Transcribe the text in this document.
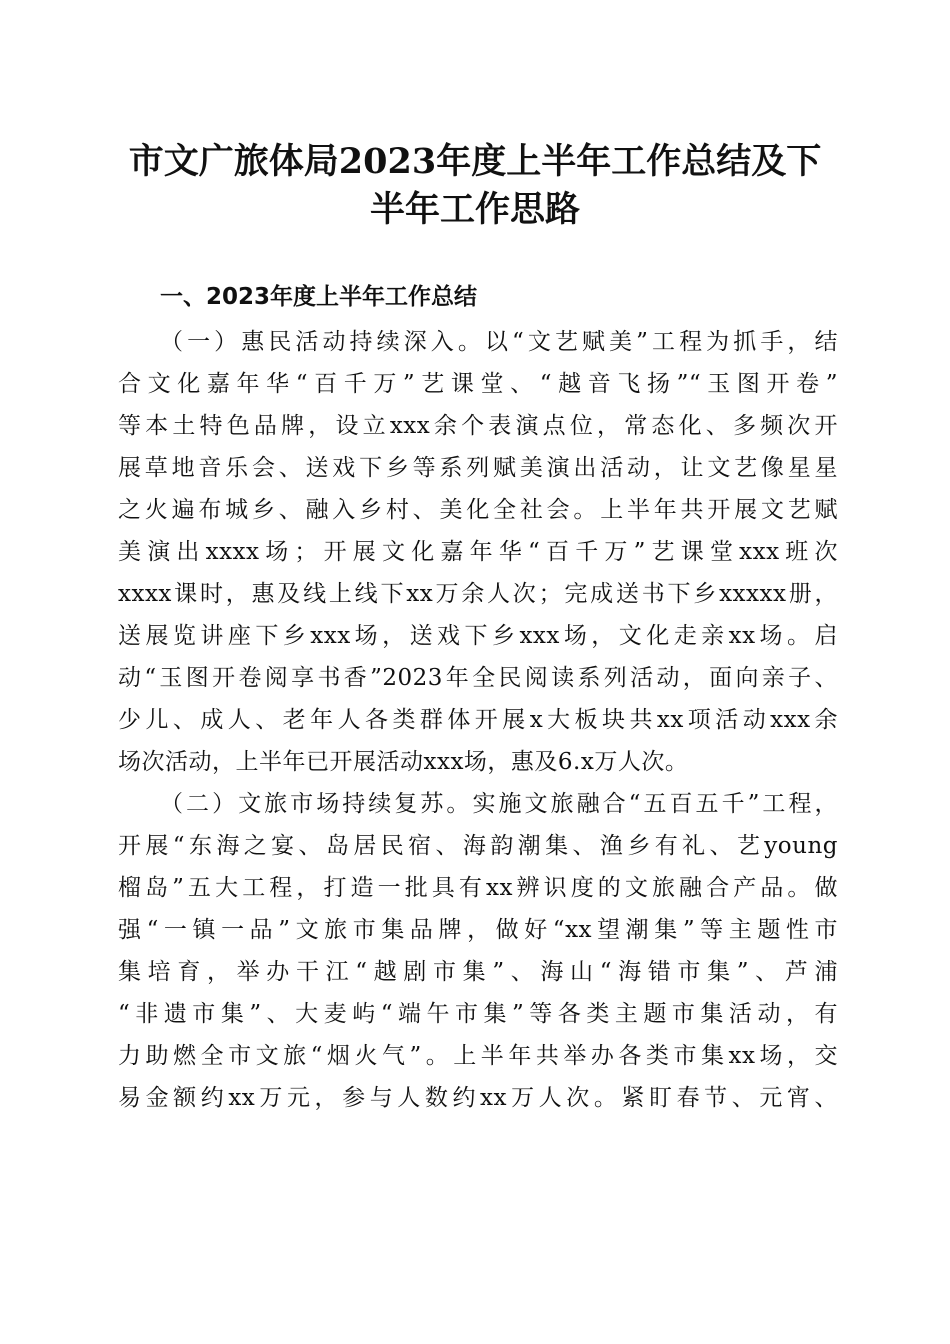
市文广旅体局2023年度上半年工作总结及下半年工作思路
一、2023年度上半年工作总结
（一）惠民活动持续深入。以“文艺赋美”工程为抓手，结
合文化嘉年华“百千万”艺课堂、“越音飞扬”“玉图开卷”
等本土特色品牌，设立xxx余个表演点位，常态化、多频次开
展草地音乐会、送戏下乡等系列赋美演出活动，让文艺像星星
之火遍布城乡、融入乡村、美化全社会。上半年共开展文艺赋
美演出xxxx场；开展文化嘉年华“百千万”艺课堂xxx班次
xxxx课时，惠及线上线下xx万余人次；完成送书下乡xxxxx册，
送展览讲座下乡xxx场，送戏下乡xxx场，文化走亲xx场。启
动“玉图开卷阅享书香”2023年全民阅读系列活动，面向亲子、
少儿、成人、老年人各类群体开展x大板块共xx项活动xxx余
场次活动，上半年已开展活动xxx场，惠及6.x万人次。
（二）文旅市场持续复苏。实施文旅融合“五百五千”工程，
开展“东海之宴、岛居民宿、海韵潮集、渔乡有礼、艺young
榴岛”五大工程，打造一批具有xx辨识度的文旅融合产品。做
强“一镇一品”文旅市集品牌，做好“xx望潮集”等主题性市
集培育，举办干江“越剧市集”、海山“海错市集”、芦浦
“非遗市集”、大麦屿“端午市集”等各类主题市集活动，有
力助燃全市文旅“烟火气”。上半年共举办各类市集xx场，交
易金额约xx万元，参与人数约xx万人次。紧盯春节、元宵、
